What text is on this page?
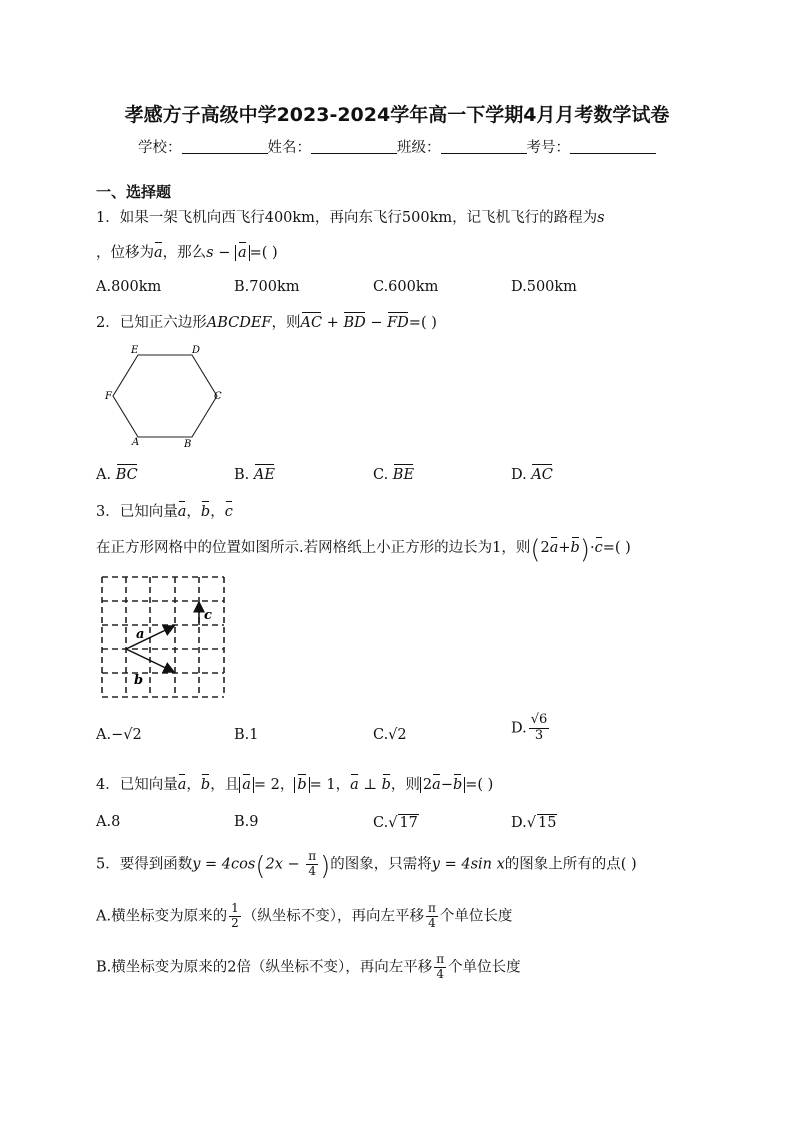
孝感方子高级中学2023-2024学年高一下学期4月月考数学试卷
学校：	姓名：	班级：	考号：
一、选择题
1．如果一架飞机向西飞行400km，再向东飞行500km，记飞机飞行的路程为s
，位移为a，那么s − a =( )
A.800km	B.700km	C.600km	D.500km
2．已知正六边形ABCDEF，则AC + BD − FD=( )
E	D
F	C
A	B
A. BC	B. AE	C. BE	D. AC
3．已知向量a，b，c
在正方形网格中的位置如图所示.若网格纸上小正方形的边长为1，则(2a+b)·c=( )
a
b
c
A.−√2	B.1	C.√2	D. $\frac{√6}{3}$
4．已知向量a，b，且 a = 2， b = 1，a ⊥ b，则 2a−b =( )
A.8	B.9	C.√ 17	D.√ 15
5．要得到函数$y = 4\cos(2x - \frac{\pi}{4}$ )的图象，只需将y = 4sin x的图象上所有的点( )
A.横坐标变为原来的 $\frac{1}{2}$ （纵坐标不变），再向左平移 $\frac{\pi}{4}$ 个单位长度
B.横坐标变为原来的2倍（纵坐标不变），再向左平移 $\frac{\pi}{4}$ 个单位长度
